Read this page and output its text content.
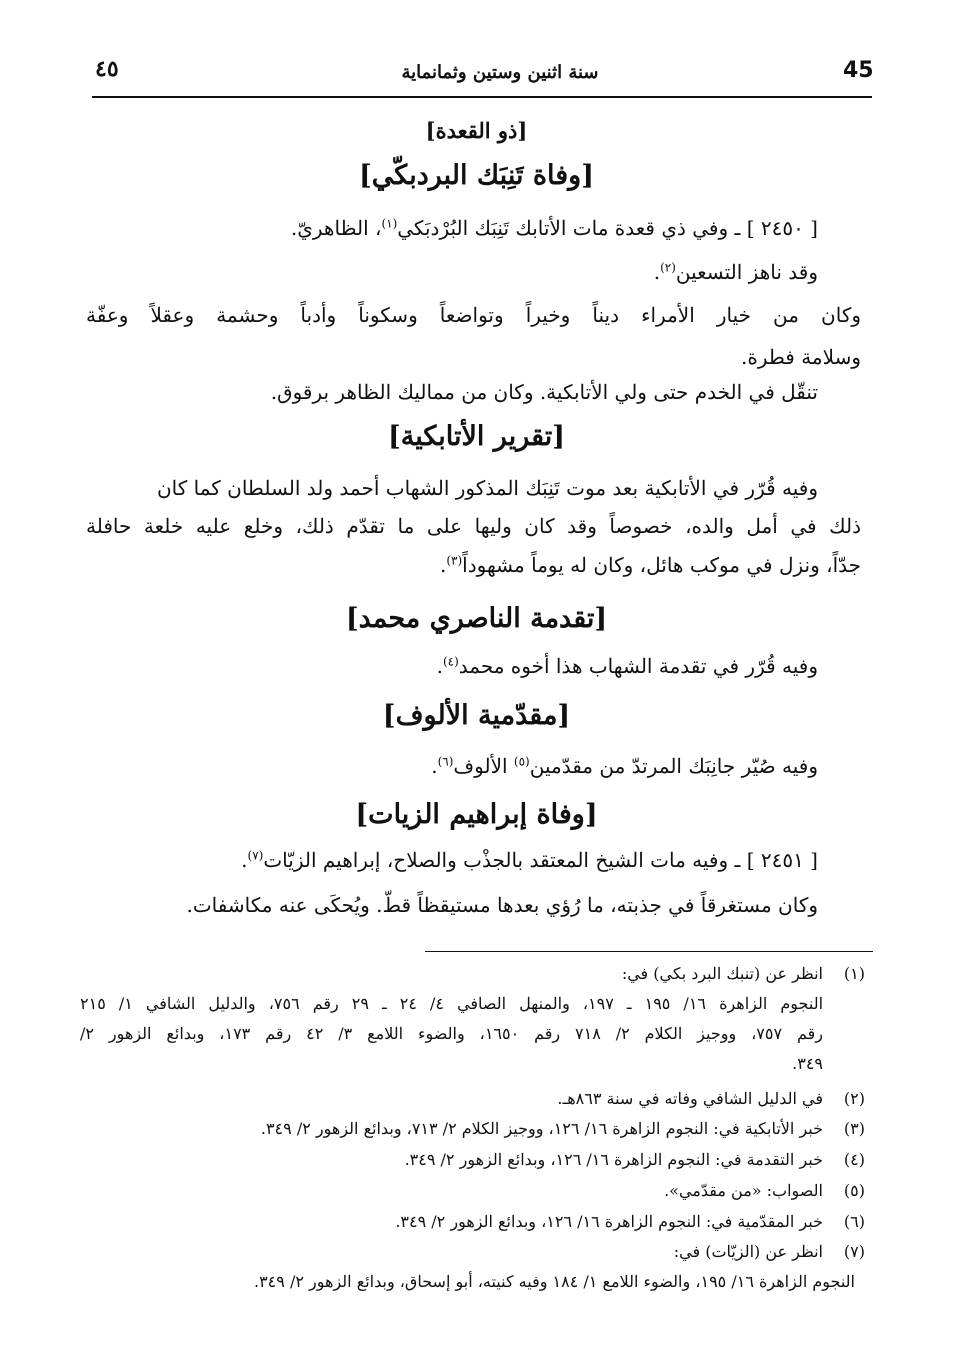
45
سنة اثنين وستين وثمانماية
٤٥
[ذو القعدة]
[وفاة تَنِبَك البردبكّي]
[ ٢٤٥٠ ] ـ وفي ذي قعدة مات الأتابك تَنِبَك البُرْدبَكي$^{(١)}$، الظاهريّ.
وقد ناهز التسعين$^{(٢)}$.
وكان من خيار الأمراء ديناً وخيراً وتواضعاً وسكوناً وأدباً وحشمة وعقلاً وعفّة
وسلامة فطرة.
تنقّل في الخدم حتى ولي الأتابكية. وكان من مماليك الظاهر برقوق.
[تقرير الأتابكية]
وفيه قُرّر في الأتابكية بعد موت تَنِبَك المذكور الشهاب أحمد ولد السلطان كما كان
ذلك في أمل والده، خصوصاً وقد كان وليها على ما تقدّم ذلك، وخلع عليه خلعة حافلة
جدّاً، ونزل في موكب هائل، وكان له يوماً مشهوداً$^{(٣)}$.
[تقدمة الناصري محمد]
وفيه قُرّر في تقدمة الشهاب هذا أخوه محمد$^{(٤)}$.
[مقدّمية الألوف]
وفيه صُيّر جانِبَك المرتدّ من مقدّمين$^{(٥)}$ الألوف$^{(٦)}$.
[وفاة إبراهيم الزيات]
[ ٢٤٥١ ] ـ وفيه مات الشيخ المعتقد بالجذْب والصلاح، إبراهيم الزيّات$^{(٧)}$.
وكان مستغرقاً في جذبته، ما رُؤي بعدها مستيقظاً قطّ. ويُحكَى عنه مكاشفات.
(١)
انظر عن (تنبك البرد بكي) في:
النجوم الزاهرة ١٦/ ١٩٥ ـ ١٩٧، والمنهل الصافي ٤/ ٢٤ ـ ٢٩ رقم ٧٥٦، والدليل الشافي ١/ ٢١٥
رقم ٧٥٧، ووجيز الكلام ٢/ ٧١٨ رقم ١٦٥٠، والضوء اللامع ٣/ ٤٢ رقم ١٧٣، وبدائع الزهور ٢/
٣٤٩.
(٢)
في الدليل الشافي وفاته في سنة ٨٦٣هـ.
(٣)
خبر الأتابكية في: النجوم الزاهرة ١٦/ ١٢٦، ووجيز الكلام ٢/ ٧١٣، وبدائع الزهور ٢/ ٣٤٩.
(٤)
خبر التقدمة في: النجوم الزاهرة ١٦/ ١٢٦، وبدائع الزهور ٢/ ٣٤٩.
(٥)
الصواب: «من مقدّمي».
(٦)
خبر المقدّمية في: النجوم الزاهرة ١٦/ ١٢٦، وبدائع الزهور ٢/ ٣٤٩.
(٧)
انظر عن (الزيّات) في:
النجوم الزاهرة ١٦/ ١٩٥، والضوء اللامع ١/ ١٨٤ وفيه كنيته، أبو إسحاق، وبدائع الزهور ٢/ ٣٤٩.
